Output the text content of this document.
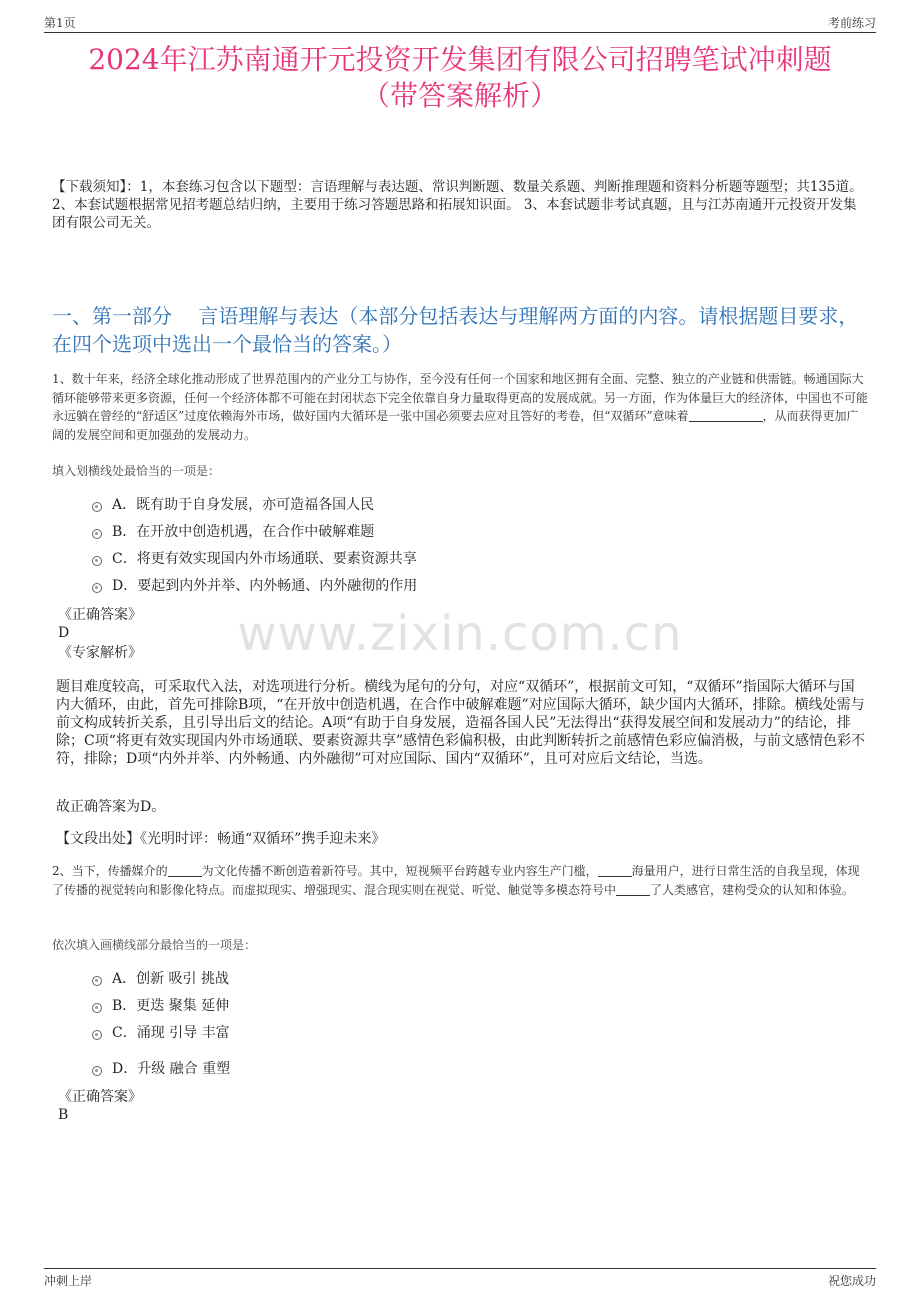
第1页	考前练习
2024年江苏南通开元投资开发集团有限公司招聘笔试冲刺题
（带答案解析）
【下载须知】：1，本套练习包含以下题型：言语理解与表达题、常识判断题、数量关系题、判断推理题和资料分析题等题型；共135道。 2、本套试题根据常见招考题总结归纳，主要用于练习答题思路和拓展知识面。 3、本套试题非考试真题，且与江苏南通开元投资开发集团有限公司无关。
一、第一部分　 言语理解与表达（本部分包括表达与理解两方面的内容。请根据题目要求，在四个选项中选出一个最恰当的答案。）
www.zixin.com.cn
1、数十年来，经济全球化推动形成了世界范围内的产业分工与协作，至今没有任何一个国家和地区拥有全面、完整、独立的产业链和供需链。畅通国际大循环能够带来更多资源，任何一个经济体都不可能在封闭状态下完全依靠自身力量取得更高的发展成就。另一方面，作为体量巨大的经济体，中国也不可能永远躺在曾经的“舒适区”过度依赖海外市场，做好国内大循环是一张中国必须要去应对且答好的考卷，但“双循环”意味着	，从而获得更加广阔的发展空间和更加强劲的发展动力。
填入划横线处最恰当的一项是：
A．既有助于自身发展，亦可造福各国人民
B．在开放中创造机遇，在合作中破解难题
C．将更有效实现国内外市场通联、要素资源共享
D．要起到内外并举、内外畅通、内外融彻的作用
《正确答案》
D
《专家解析》
题目难度较高，可采取代入法，对选项进行分析。横线为尾句的分句，对应“双循环”，根据前文可知，“双循环”指国际大循环与国内大循环，由此，首先可排除B项，“在开放中创造机遇，在合作中破解难题”对应国际大循环，缺少国内大循环，排除。横线处需与前文构成转折关系，且引导出后文的结论。A项“有助于自身发展，造福各国人民”无法得出“获得发展空间和发展动力”的结论，排除；C项“将更有效实现国内外市场通联、要素资源共享”感情色彩偏积极，由此判断转折之前感情色彩应偏消极，与前文感情色彩不符，排除；D项“内外并举、内外畅通、内外融彻”可对应国际、国内“双循环”，且可对应后文结论，当选。
故正确答案为D。
【文段出处】《光明时评：畅通“双循环”携手迎未来》
2、当下，传播媒介的	为文化传播不断创造着新符号。其中，短视频平台跨越专业内容生产门槛，	海量用户，进行日常生活的自我呈现，体现了传播的视觉转向和影像化特点。而虚拟现实、增强现实、混合现实则在视觉、听觉、触觉等多模态符号中	了人类感官，建构受众的认知和体验。
依次填入画横线部分最恰当的一项是：
A．创新 吸引 挑战
B．更迭 聚集 延伸
C．涌现 引导 丰富
D．升级 融合 重塑
《正确答案》
B
冲刺上岸	祝您成功
